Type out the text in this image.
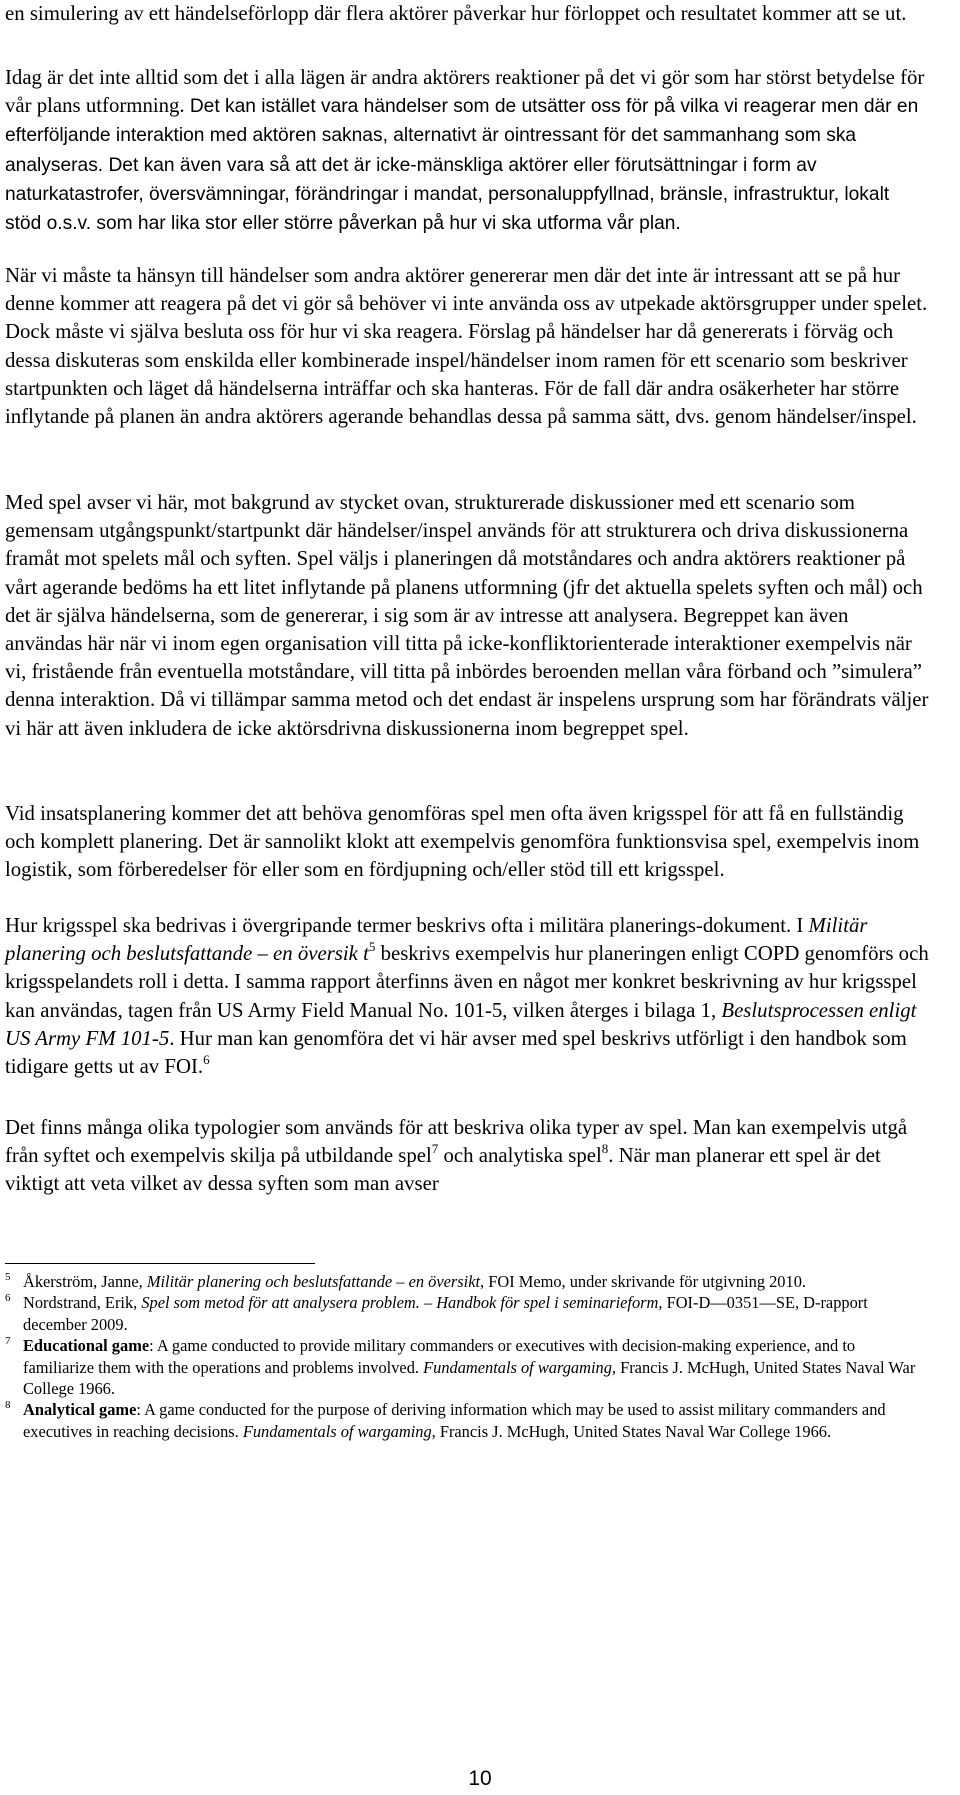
en simulering av ett händelseförlopp där flera aktörer påverkar hur förloppet och resultatet kommer att se ut.

Idag är det inte alltid som det i alla lägen är andra aktörers reaktioner på det vi gör som har störst betydelse för vår plans utformning. Det kan istället vara händelser som de utsätter oss för på vilka vi reagerar men där en efterföljande interaktion med aktören saknas, alternativt är ointressant för det sammanhang som ska analyseras. Det kan även vara så att det är icke-mänskliga aktörer eller förutsättningar i form av naturkatastrofer, översvämningar, förändringar i mandat, personaluppfyllnad, bränsle, infrastruktur, lokalt stöd o.s.v. som har lika stor eller större påverkan på hur vi ska utforma vår plan.

När vi måste ta hänsyn till händelser som andra aktörer genererar men där det inte är intressant att se på hur denne kommer att reagera på det vi gör så behöver vi inte använda oss av utpekade aktörsgrupper under spelet. Dock måste vi själva besluta oss för hur vi ska reagera. Förslag på händelser har då genererats i förväg och dessa diskuteras som enskilda eller kombinerade inspel/händelser inom ramen för ett scenario som beskriver startpunkten och läget då händelserna inträffar och ska hanteras. För de fall där andra osäkerheter har större inflytande på planen än andra aktörers agerande behandlas dessa på samma sätt, dvs. genom händelser/inspel.

Med spel avser vi här, mot bakgrund av stycket ovan, strukturerade diskussioner med ett scenario som gemensam utgångspunkt/startpunkt där händelser/inspel används för att strukturera och driva diskussionerna framåt mot spelets mål och syften. Spel väljs i planeringen då motståndares och andra aktörers reaktioner på vårt agerande bedöms ha ett litet inflytande på planens utformning (jfr det aktuella spelets syften och mål) och det är själva händelserna, som de genererar, i sig som är av intresse att analysera. Begreppet kan även användas här när vi inom egen organisation vill titta på icke-konfliktorienterade interaktioner exempelvis när vi, fristående från eventuella motståndare, vill titta på inbördes beroenden mellan våra förband och ”simulera” denna interaktion. Då vi tillämpar samma metod och det endast är inspelens ursprung som har förändrats väljer vi här att även inkludera de icke aktörsdrivna diskussionerna inom begreppet spel.

Vid insatsplanering kommer det att behöva genomföras spel men ofta även krigsspel för att få en fullständig och komplett planering. Det är sannolikt klokt att exempelvis genomföra funktionsvisa spel, exempelvis inom logistik, som förberedelser för eller som en fördjupning och/eller stöd till ett krigsspel.

Hur krigsspel ska bedrivas i övergripande termer beskrivs ofta i militära planerings-dokument. I Militär planering och beslutsfattande – en översik $t^5$ beskrivs exempelvis hur planeringen enligt COPD genomförs och krigsspelandets roll i detta. I samma rapport återfinns även en något mer konkret beskrivning av hur krigsspel kan användas, tagen från US Army Field Manual No. 101-5, vilken återges i bilaga 1, Beslutsprocessen enligt US Army FM 101-5. Hur man kan genomföra det vi här avser med spel beskrivs utförligt i den handbok som tidigare getts ut av FOI.$^6$

Det finns många olika typologier som används för att beskriva olika typer av spel. Man kan exempelvis utgå från syftet och exempelvis skilja på utbildande spel$^7$ och analytiska spel$^8$. När man planerar ett spel är det viktigt att veta vilket av dessa syften som man avser

5 Åkerström, Janne, Militär planering och beslutsfattande – en översikt, FOI Memo, under skrivande för utgivning 2010.

6 Nordstrand, Erik, Spel som metod för att analysera problem. – Handbok för spel i seminarieform, FOI-D—0351—SE, D-rapport december 2009.

7 Educational game: A game conducted to provide military commanders or executives with decision-making experience, and to familiarize them with the operations and problems involved. Fundamentals of wargaming, Francis J. McHugh, United States Naval War College 1966.

8 Analytical game: A game conducted for the purpose of deriving information which may be used to assist military commanders and executives in reaching decisions. Fundamentals of wargaming, Francis J. McHugh, United States Naval War College 1966.

10
